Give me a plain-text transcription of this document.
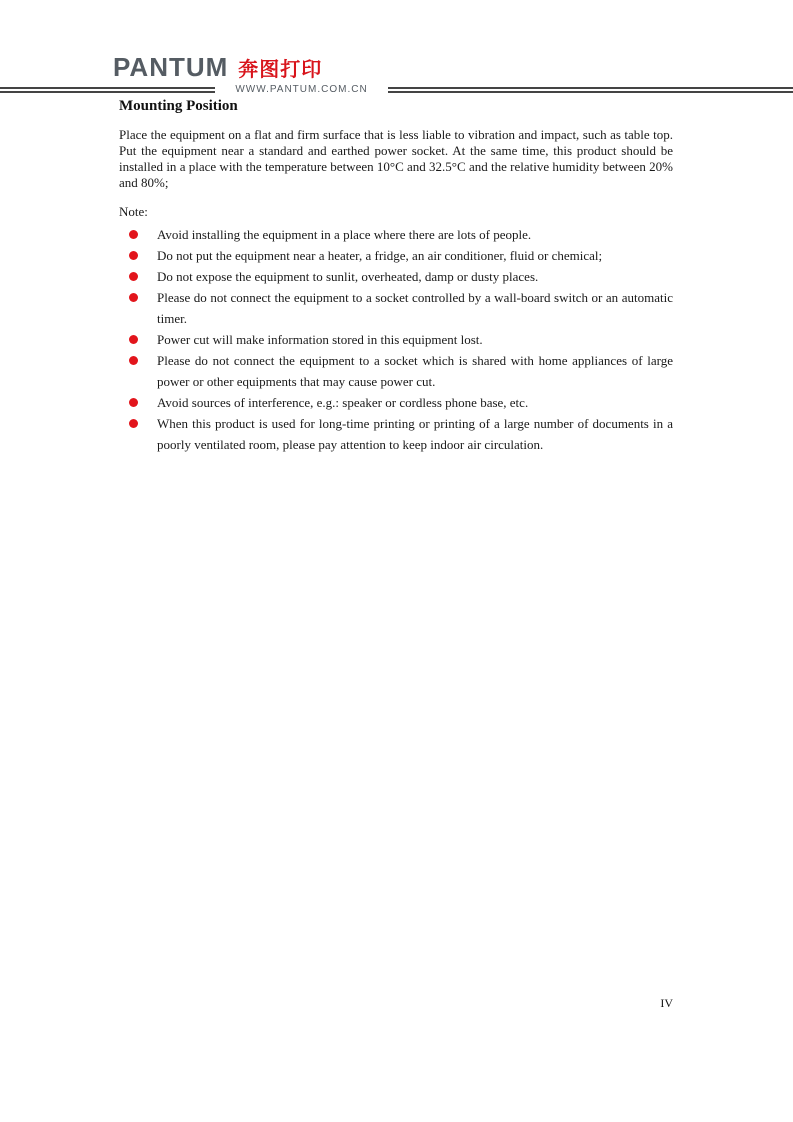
PANTUM 奔图打印
WWW.PANTUM.COM.CN
Mounting Position

Place the equipment on a flat and firm surface that is less liable to vibration and impact, such as table top. Put the equipment near a standard and earthed power socket. At the same time, this product should be installed in a place with the temperature between 10°C and 32.5°C and the relative humidity between 20% and 80%;

Note:

Avoid installing the equipment in a place where there are lots of people.
Do not put the equipment near a heater, a fridge, an air conditioner, fluid or chemical;
Do not expose the equipment to sunlit, overheated, damp or dusty places.
Please do not connect the equipment to a socket controlled by a wall-board switch or an automatic timer.
Power cut will make information stored in this equipment lost.
Please do not connect the equipment to a socket which is shared with home appliances of large power or other equipments that may cause power cut.
Avoid sources of interference, e.g.: speaker or cordless phone base, etc.
When this product is used for long-time printing or printing of a large number of documents in a poorly ventilated room, please pay attention to keep indoor air circulation.
IV
